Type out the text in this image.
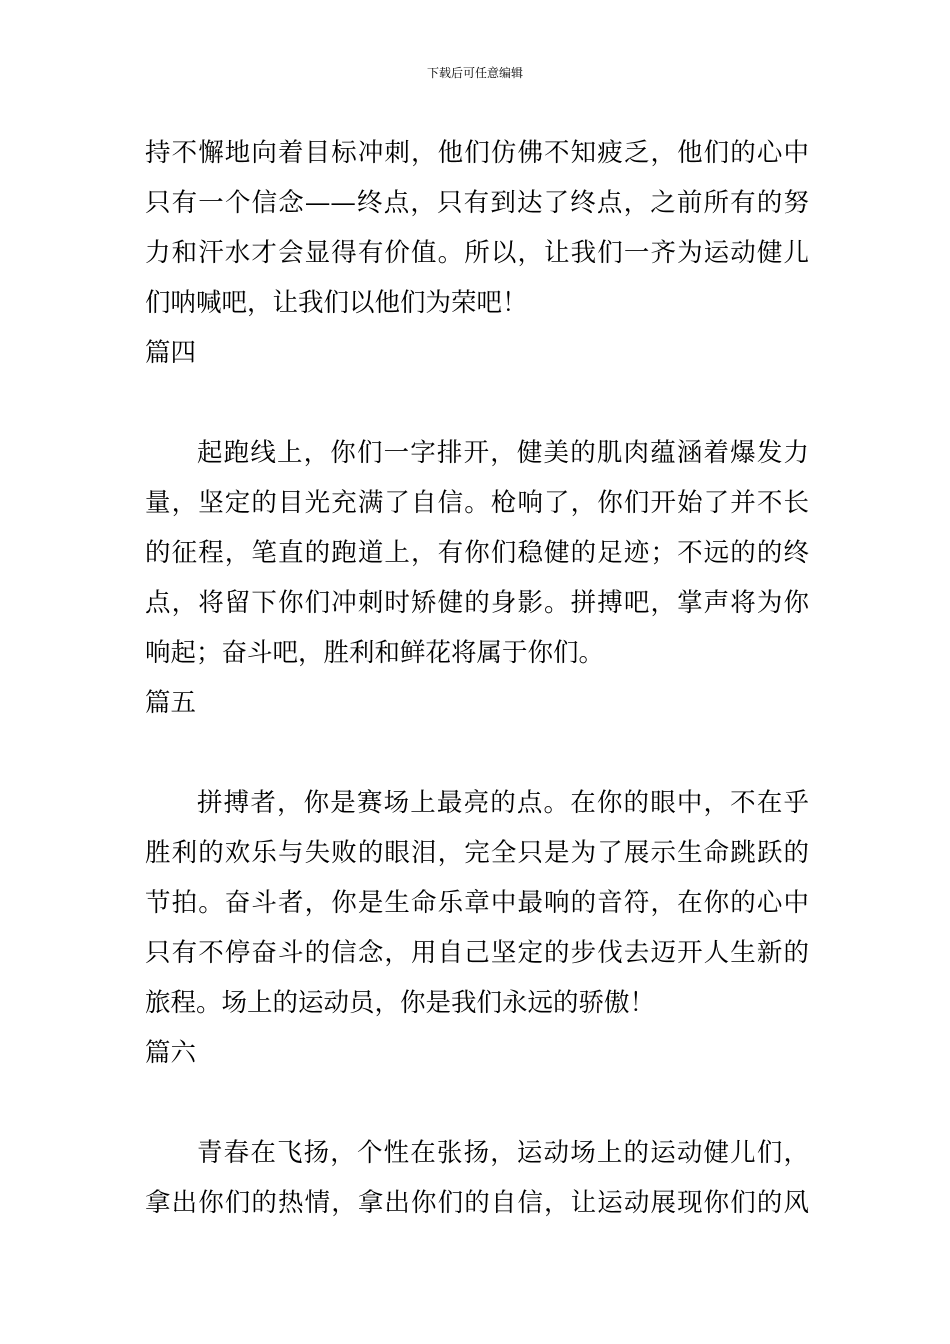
下载后可任意编辑
持不懈地向着目标冲刺，他们仿佛不知疲乏，他们的心中
只有一个信念——终点，只有到达了终点，之前所有的努
力和汗水才会显得有价值。所以，让我们一齐为运动健儿
们呐喊吧，让我们以他们为荣吧！
篇四
起跑线上，你们一字排开，健美的肌肉蕴涵着爆发力
量，坚定的目光充满了自信。枪响了，你们开始了并不长
的征程，笔直的跑道上，有你们稳健的足迹；不远的的终
点，将留下你们冲刺时矫健的身影。拼搏吧，掌声将为你
响起；奋斗吧，胜利和鲜花将属于你们。
篇五
拼搏者，你是赛场上最亮的点。在你的眼中，不在乎
胜利的欢乐与失败的眼泪，完全只是为了展示生命跳跃的
节拍。奋斗者，你是生命乐章中最响的音符，在你的心中
只有不停奋斗的信念，用自己坚定的步伐去迈开人生新的
旅程。场上的运动员，你是我们永远的骄傲！
篇六
青春在飞扬，个性在张扬，运动场上的运动健儿们，
拿出你们的热情，拿出你们的自信，让运动展现你们的风
